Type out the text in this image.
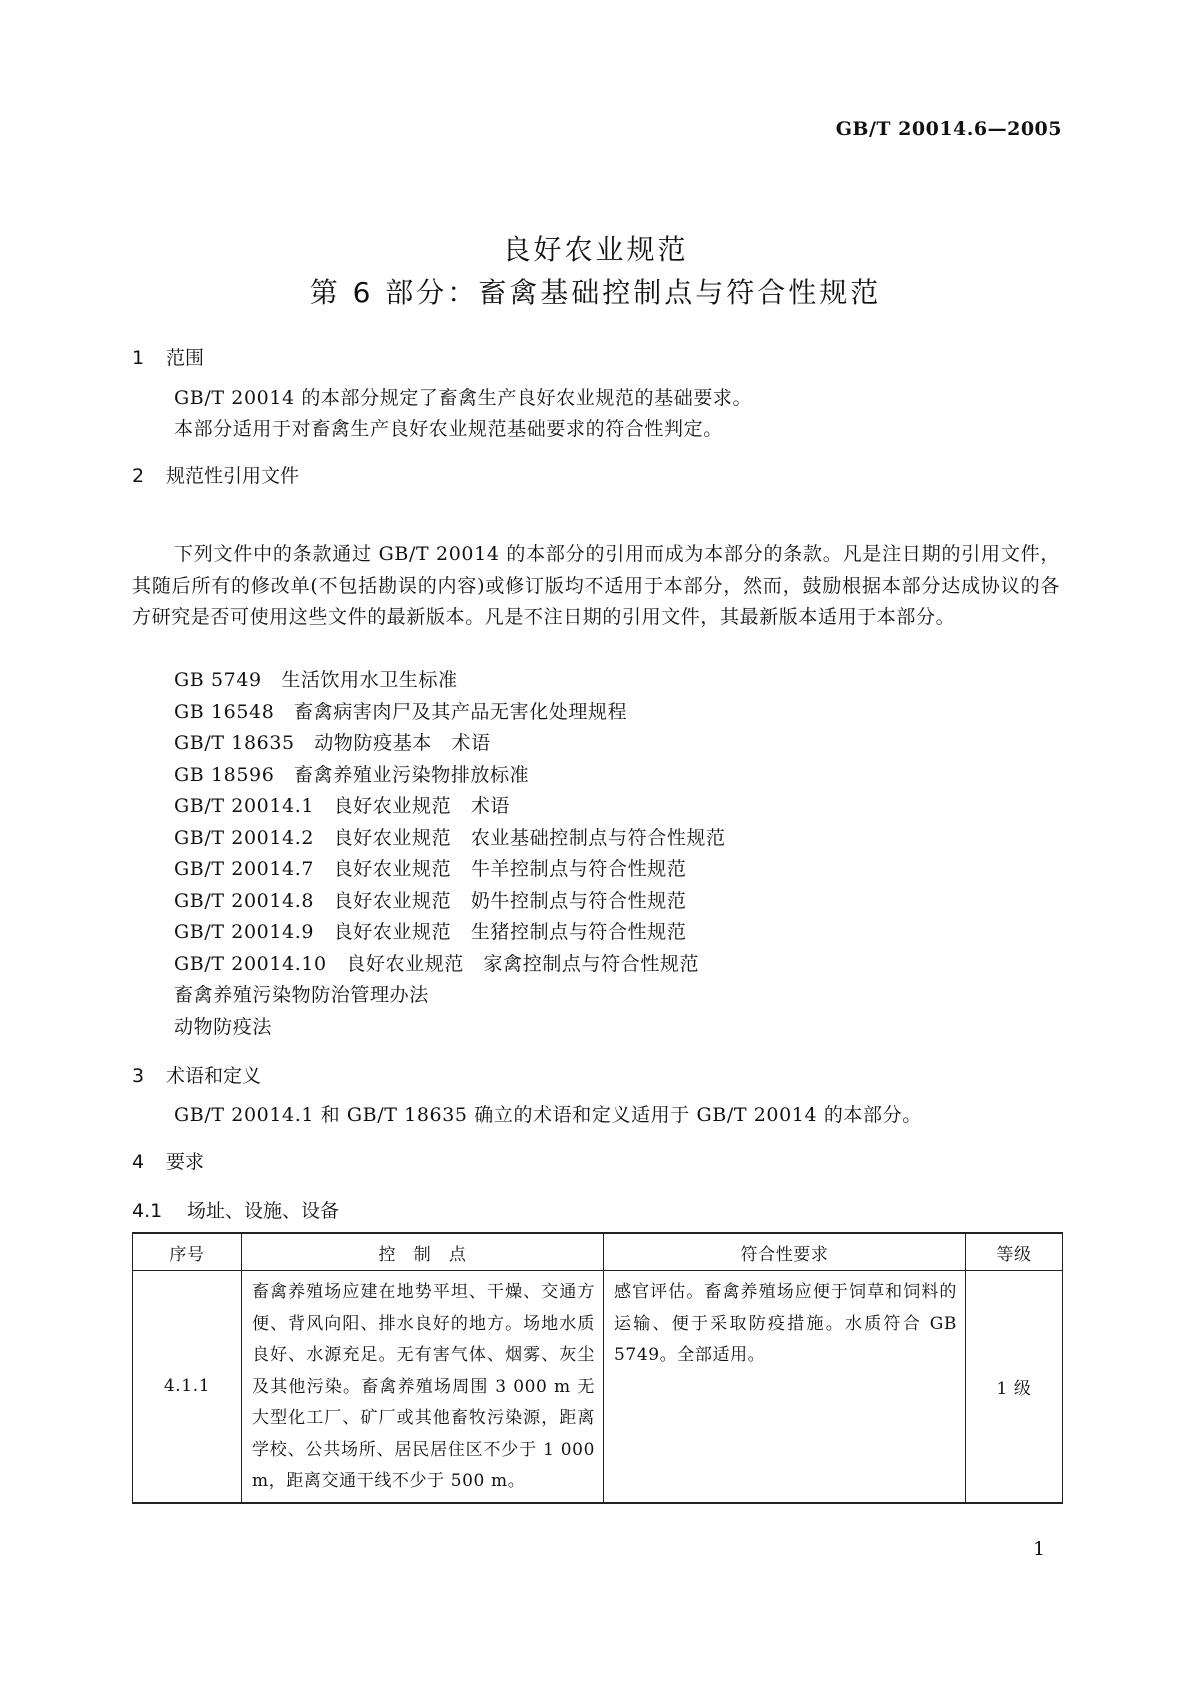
GB/T 20014.6—2005
良好农业规范
第 6 部分：畜禽基础控制点与符合性规范
1 范围
GB/T 20014 的本部分规定了畜禽生产良好农业规范的基础要求。
本部分适用于对畜禽生产良好农业规范基础要求的符合性判定。
2 规范性引用文件
下列文件中的条款通过 GB/T 20014 的本部分的引用而成为本部分的条款。凡是注日期的引用文件，其随后所有的修改单(不包括勘误的内容)或修订版均不适用于本部分，然而，鼓励根据本部分达成协议的各方研究是否可使用这些文件的最新版本。凡是不注日期的引用文件，其最新版本适用于本部分。
GB 5749　生活饮用水卫生标准
GB 16548　畜禽病害肉尸及其产品无害化处理规程
GB/T 18635　动物防疫基本　术语
GB 18596　畜禽养殖业污染物排放标准
GB/T 20014.1　良好农业规范　术语
GB/T 20014.2　良好农业规范　农业基础控制点与符合性规范
GB/T 20014.7　良好农业规范　牛羊控制点与符合性规范
GB/T 20014.8　良好农业规范　奶牛控制点与符合性规范
GB/T 20014.9　良好农业规范　生猪控制点与符合性规范
GB/T 20014.10　良好农业规范　家禽控制点与符合性规范
畜禽养殖污染物防治管理办法
动物防疫法
3 术语和定义
GB/T 20014.1 和 GB/T 18635 确立的术语和定义适用于 GB/T 20014 的本部分。
4 要求
4.1 场址、设施、设备
序号	控　制　点	符合性要求	等级
4.1.1	畜禽养殖场应建在地势平坦、干燥、交通方便、背风向阳、排水良好的地方。场地水质良好、水源充足。无有害气体、烟雾、灰尘及其他污染。畜禽养殖场周围 3 000 m 无大型化工厂、矿厂或其他畜牧污染源，距离学校、公共场所、居民居住区不少于 1 000 m，距离交通干线不少于 500 m。	感官评估。畜禽养殖场应便于饲草和饲料的运输、便于采取防疫措施。水质符合 GB 5749。全部适用。	1 级
1
